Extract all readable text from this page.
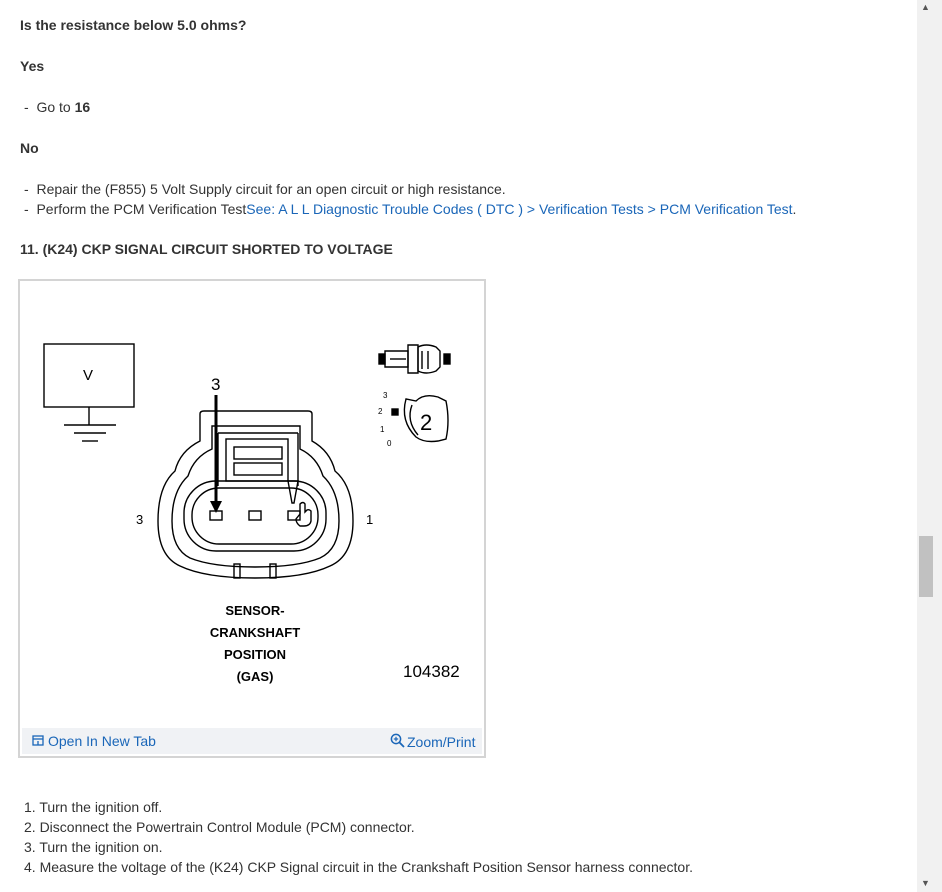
Is the resistance below 5.0 ohms?
Yes
-  Go to 16
No
-  Repair the (F855) 5 Volt Supply circuit for an open circuit or high resistance.
-  Perform the PCM Verification TestSee: A L L Diagnostic Trouble Codes ( DTC ) > Verification Tests > PCM Verification Test.
11. (K24) CKP SIGNAL CIRCUIT SHORTED TO VOLTAGE
V	3
3	1
3
2
1
0
2
SENSOR-
CRANKSHAFT
POSITION
(GAS)	104382
Open In New Tab	Zoom/Print
1. Turn the ignition off.
2. Disconnect the Powertrain Control Module (PCM) connector.
3. Turn the ignition on.
4. Measure the voltage of the (K24) CKP Signal circuit in the Crankshaft Position Sensor harness connector.
▲
▼
